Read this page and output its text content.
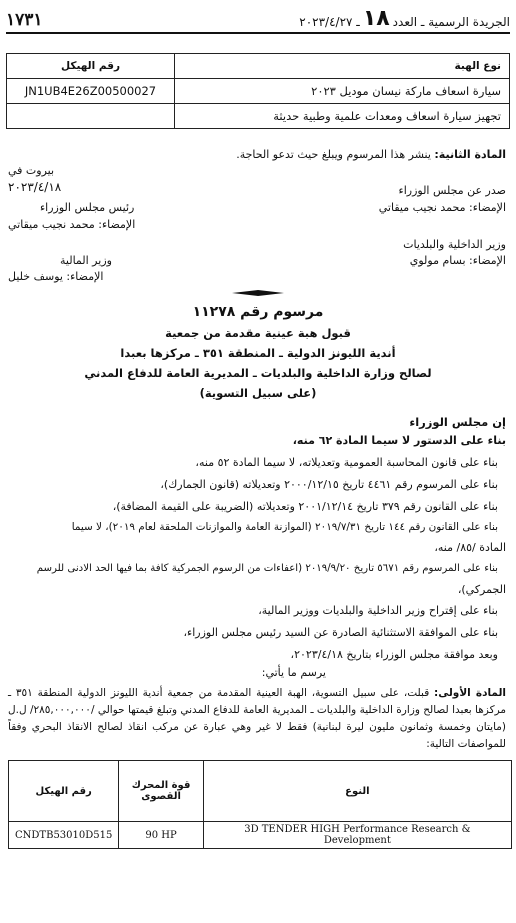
الجريدة الرسمية ـ العدد
١٨
ـ ٢٠٢٣/٤/٢٧
١٧٣١
نوع الهبة	رقم الهيكل
سيارة اسعاف ماركة نيسان موديل ٢٠٢٣	JN1UB4E26Z00500027
تجهيز سيارة اسعاف ومعدات علمية وطبية حديثة	
المادة الثانية: ينشر هذا المرسوم ويبلغ حيث تدعو الحاجة.
بيروت في
٢٠٢٣/٤/١٨	صدر عن مجلس الوزراء
الإمضاء: محمد نجيب ميقاتي
رئيس مجلس الوزراء
الإمضاء: محمد نجيب ميقاتي
وزير الداخلية والبلديات
الإمضاء: بسام مولوي
وزير المالية
الإمضاء: يوسف خليل
مرسوم رقم ١١٢٧٨
قبول هبة عينية مقدمة من جمعية
أندية الليونز الدولية ـ المنطقة ٣٥١ ـ مركزها بعبدا
لصالح وزارة الداخلية والبلديات ـ المديرية العامة للدفاع المدني
(على سبيل التسوية)
إن مجلس الوزراء
بناء على الدستور لا سيما المادة ٦٢ منه،
بناء على قانون المحاسبة العمومية وتعديلاته، لا سيما المادة ٥٢ منه،
بناء على المرسوم رقم ٤٤٦١ تاريخ ٢٠٠٠/١٢/١٥ وتعديلاته (قانون الجمارك)،
بناء على القانون رقم ٣٧٩ تاريخ ٢٠٠١/١٢/١٤ وتعديلاته (الضريبة على القيمة المضافة)،
بناء على القانون رقم ١٤٤ تاريخ ٢٠١٩/٧/٣١ (الموازنة العامة والموازنات الملحقة لعام ٢٠١٩)، لا سيما
المادة /٨٥/ منه،
بناء على المرسوم رقم ٥٦٧١ تاريخ ٢٠١٩/٩/٢٠ (اعفاءات من الرسوم الجمركية كافة بما فيها الحد الادنى للرسم
الجمركي)،
بناء على إقتراح وزير الداخلية والبلديات ووزير المالية،
بناء على الموافقة الاستثنائية الصادرة عن السيد رئيس مجلس الوزراء،
وبعد موافقة مجلس الوزراء بتاريخ ٢٠٢٣/٤/١٨،
يرسم ما يأتي:
المادة الأولى: قبلت، على سبيل التسوية، الهبة العينية المقدمة من جمعية أندية الليونز الدولية المنطقة ٣٥١ ـ مركزها بعبدا لصالح وزارة الداخلية والبلديات ـ المديرية العامة للدفاع المدني وتبلغ قيمتها حوالي /٢٨٥,٠٠٠,٠٠٠/ ل.ل (مايتان وخمسة وثمانون مليون ليرة لبنانية) فقط لا غير وهي عبارة عن مركب انقاذ لصالح الانقاذ البحري وفقاً للمواصفات التالية:
النوع	قوة المحرك القصوى	رقم الهيكل
3D TENDER HIGH Performance Research & Development	90 HP	CNDTB53010D515
